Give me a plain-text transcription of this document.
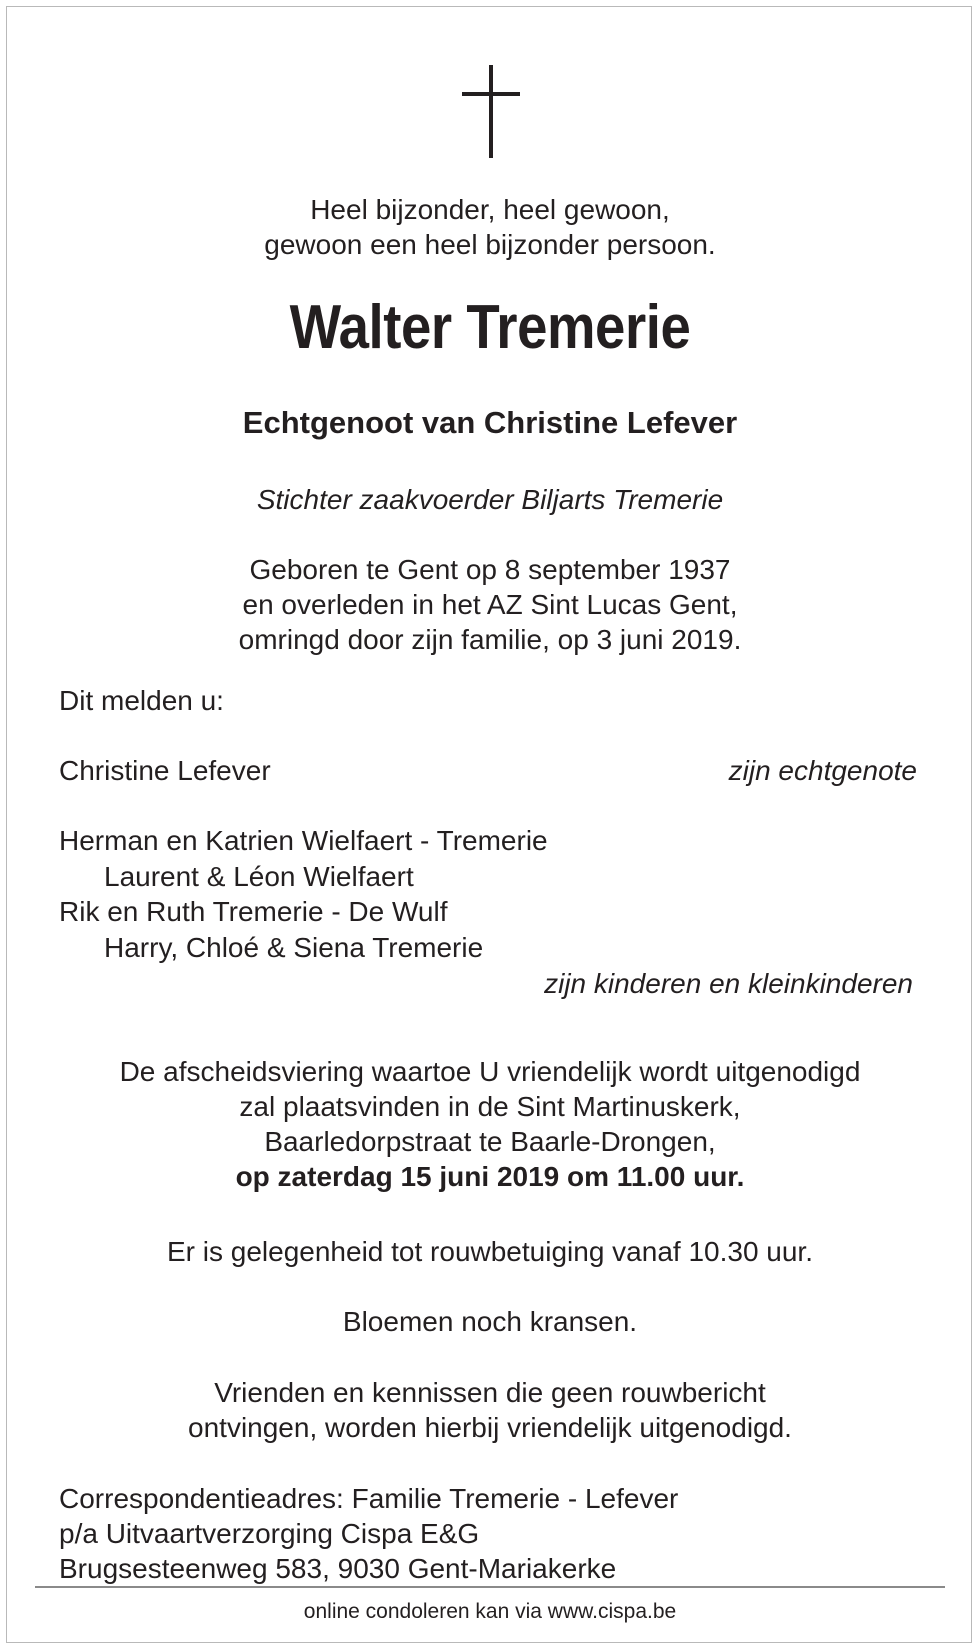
Heel bijzonder, heel gewoon,
gewoon een heel bijzonder persoon.
Walter Tremerie
Echtgenoot van Christine Lefever
Stichter zaakvoerder Biljarts Tremerie
Geboren te Gent op 8 september 1937
en overleden in het AZ Sint Lucas Gent,
omringd door zijn familie, op 3 juni 2019.
Dit melden u:
Christine Lefever	zijn echtgenote
Herman en Katrien Wielfaert - Tremerie
Laurent & Léon Wielfaert
Rik en Ruth Tremerie - De Wulf
Harry, Chloé & Siena Tremerie
zijn kinderen en kleinkinderen
De afscheidsviering waartoe U vriendelijk wordt uitgenodigd
zal plaatsvinden in de Sint Martinuskerk,
Baarledorpstraat te Baarle-Drongen,
op zaterdag 15 juni 2019 om 11.00 uur.
Er is gelegenheid tot rouwbetuiging vanaf 10.30 uur.
Bloemen noch kransen.
Vrienden en kennissen die geen rouwbericht
ontvingen, worden hierbij vriendelijk uitgenodigd.
Correspondentieadres: Familie Tremerie - Lefever
p/a Uitvaartverzorging Cispa E&G
Brugsesteenweg 583, 9030 Gent-Mariakerke
online condoleren kan via www.cispa.be
